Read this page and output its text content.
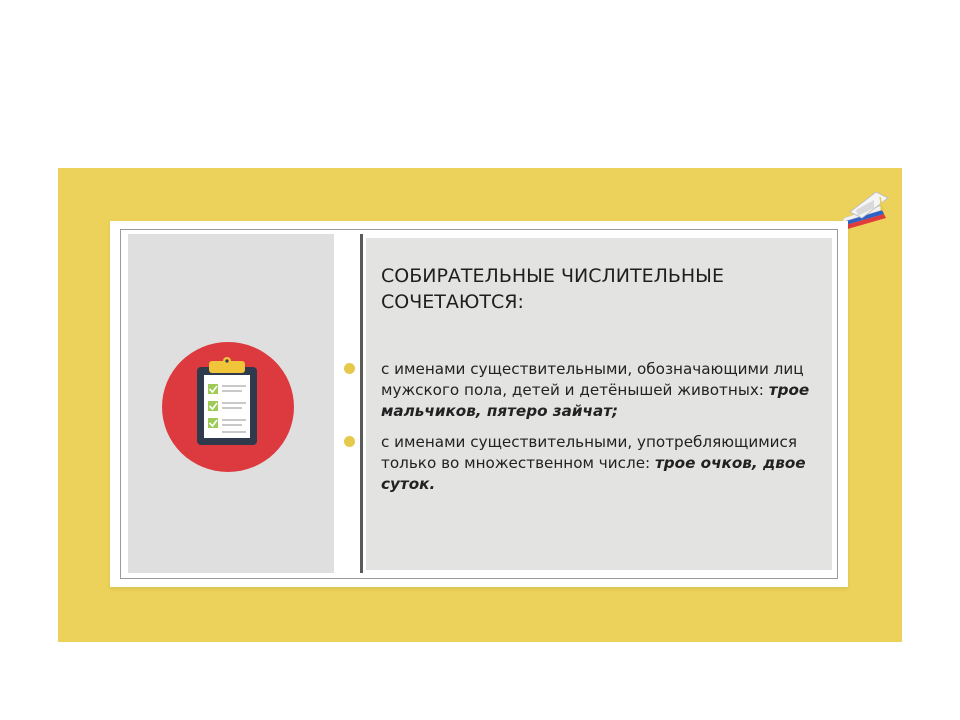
СОБИРАТЕЛЬНЫЕ ЧИСЛИТЕЛЬНЫЕ
СОЧЕТАЮТСЯ:
с именами существительными, обозначающими лиц мужского пола, детей и детёнышей животных: трое мальчиков, пятеро зайчат;
с именами существительными, употребляющимися только во множественном числе: трое очков, двое суток.
